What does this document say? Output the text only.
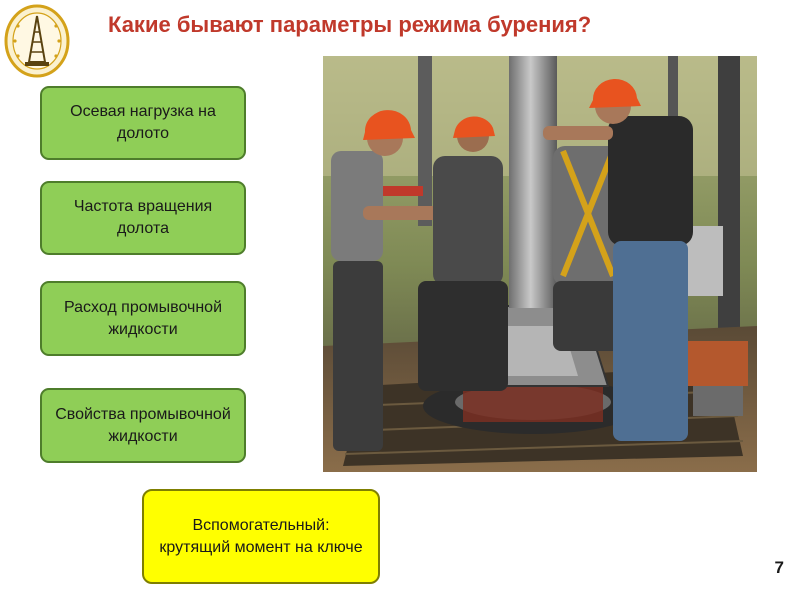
Какие бывают параметры режима бурения?
Осевая нагрузка на долото
Частота вращения долота
Расход промывочной жидкости
Свойства промывочной жидкости
Вспомогательный: крутящий момент на ключе
7
